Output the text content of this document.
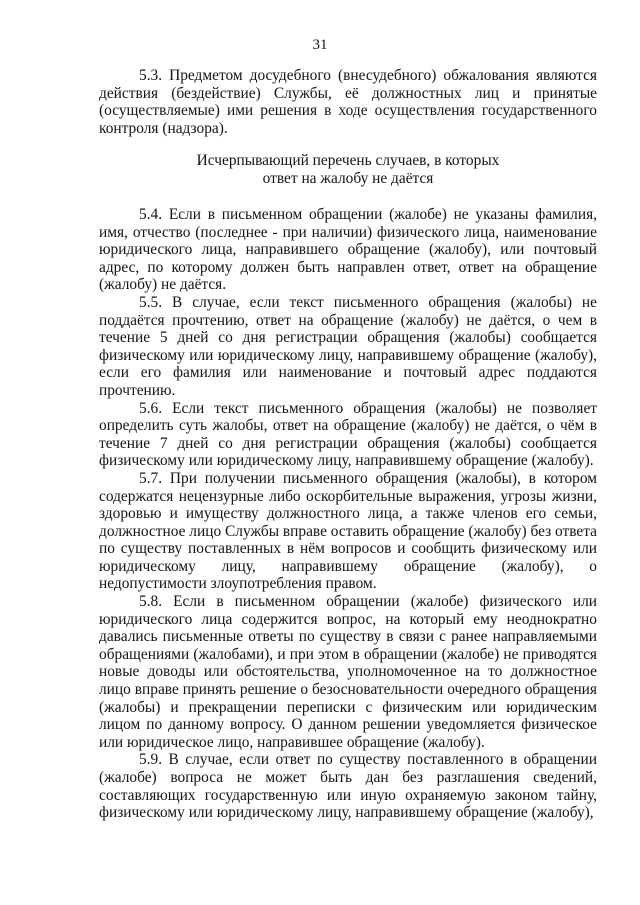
31

5.3. Предметом досудебного (внесудебного) обжалования являются действия (бездействие) Службы, её должностных лиц и принятые (осуществляемые) ими решения в ходе осуществления государственного контроля (надзора).

Исчерпывающий перечень случаев, в которых
ответ на жалобу не даётся

5.4. Если в письменном обращении (жалобе) не указаны фамилия, имя, отчество (последнее - при наличии) физического лица, наименование юридического лица, направившего обращение (жалобу), или почтовый адрес, по которому должен быть направлен ответ, ответ на обращение (жалобу) не даётся.

5.5. В случае, если текст письменного обращения (жалобы) не поддаётся прочтению, ответ на обращение (жалобу) не даётся, о чем в течение 5 дней со дня регистрации обращения (жалобы) сообщается физическому или юридическому лицу, направившему обращение (жалобу), если его фамилия или наименование и почтовый адрес поддаются прочтению.

5.6. Если текст письменного обращения (жалобы) не позволяет определить суть жалобы, ответ на обращение (жалобу) не даётся, о чём в течение 7 дней со дня регистрации обращения (жалобы) сообщается физическому или юридическому лицу, направившему обращение (жалобу).

5.7. При получении письменного обращения (жалобы), в котором содержатся нецензурные либо оскорбительные выражения, угрозы жизни, здоровью и имуществу должностного лица, а также членов его семьи, должностное лицо Службы вправе оставить обращение (жалобу) без ответа по существу поставленных в нём вопросов и сообщить физическому или юридическому лицу, направившему обращение (жалобу), о недопустимости злоупотребления правом.

5.8. Если в письменном обращении (жалобе) физического или юридического лица содержится вопрос, на который ему неоднократно давались письменные ответы по существу в связи с ранее направляемыми обращениями (жалобами), и при этом в обращении (жалобе) не приводятся новые доводы или обстоятельства, уполномоченное на то должностное лицо вправе принять решение о безосновательности очередного обращения (жалобы) и прекращении переписки с физическим или юридическим лицом по данному вопросу. О данном решении уведомляется физическое или юридическое лицо, направившее обращение (жалобу).

5.9. В случае, если ответ по существу поставленного в обращении (жалобе) вопроса не может быть дан без разглашения сведений, составляющих государственную или иную охраняемую законом тайну, физическому или юридическому лицу, направившему обращение (жалобу),
